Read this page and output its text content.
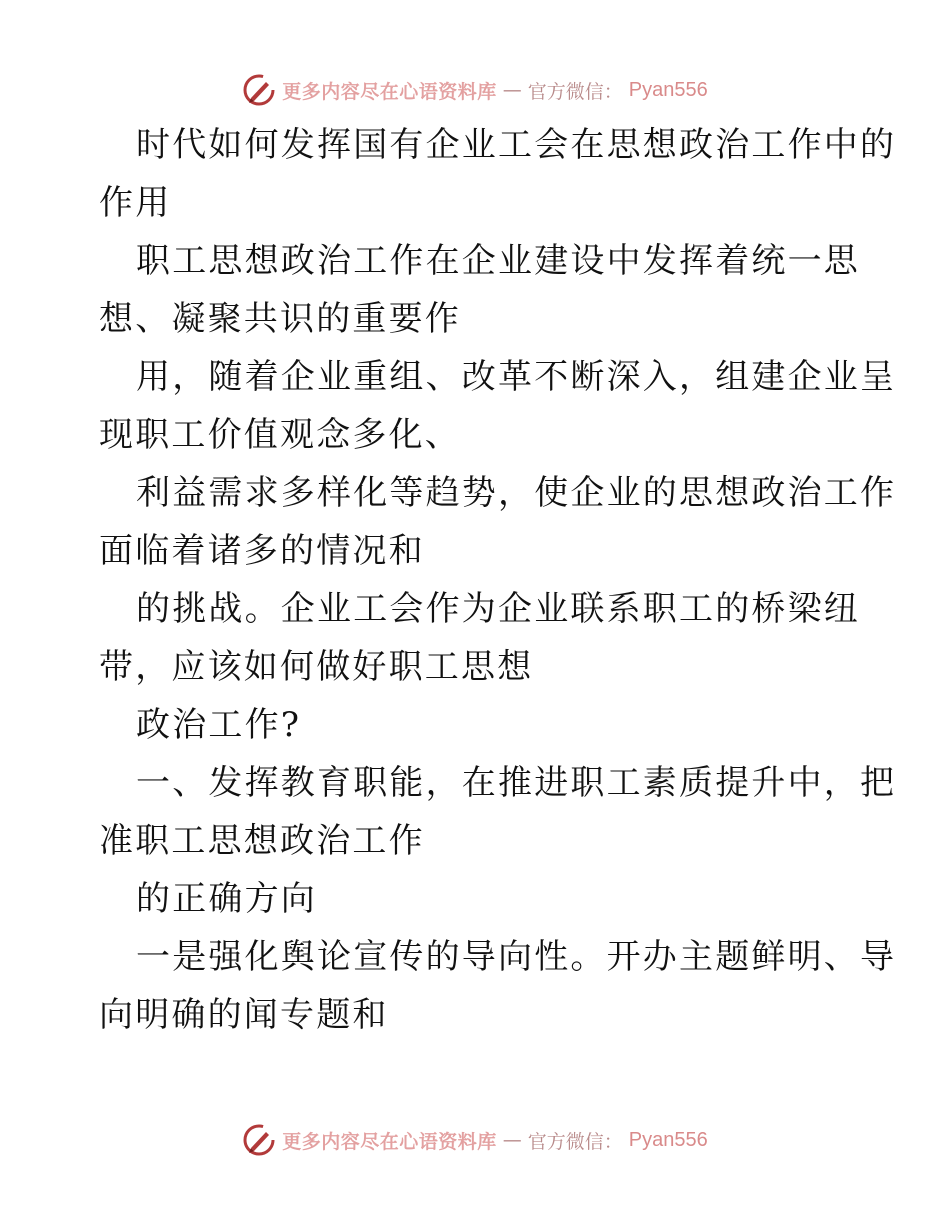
更多内容尽在心语资料库 — 官方微信： Pyan556
时代如何发挥国有企业工会在思想政治工作中的
作用
职工思想政治工作在企业建设中发挥着统一思
想、凝聚共识的重要作
用，随着企业重组、改革不断深入，组建企业呈
现职工价值观念多化、
利益需求多样化等趋势，使企业的思想政治工作
面临着诸多的情况和
的挑战。企业工会作为企业联系职工的桥梁纽
带，应该如何做好职工思想
政治工作?
一、发挥教育职能，在推进职工素质提升中，把
准职工思想政治工作
的正确方向
一是强化舆论宣传的导向性。开办主题鲜明、导
向明确的闻专题和
更多内容尽在心语资料库 — 官方微信： Pyan556
